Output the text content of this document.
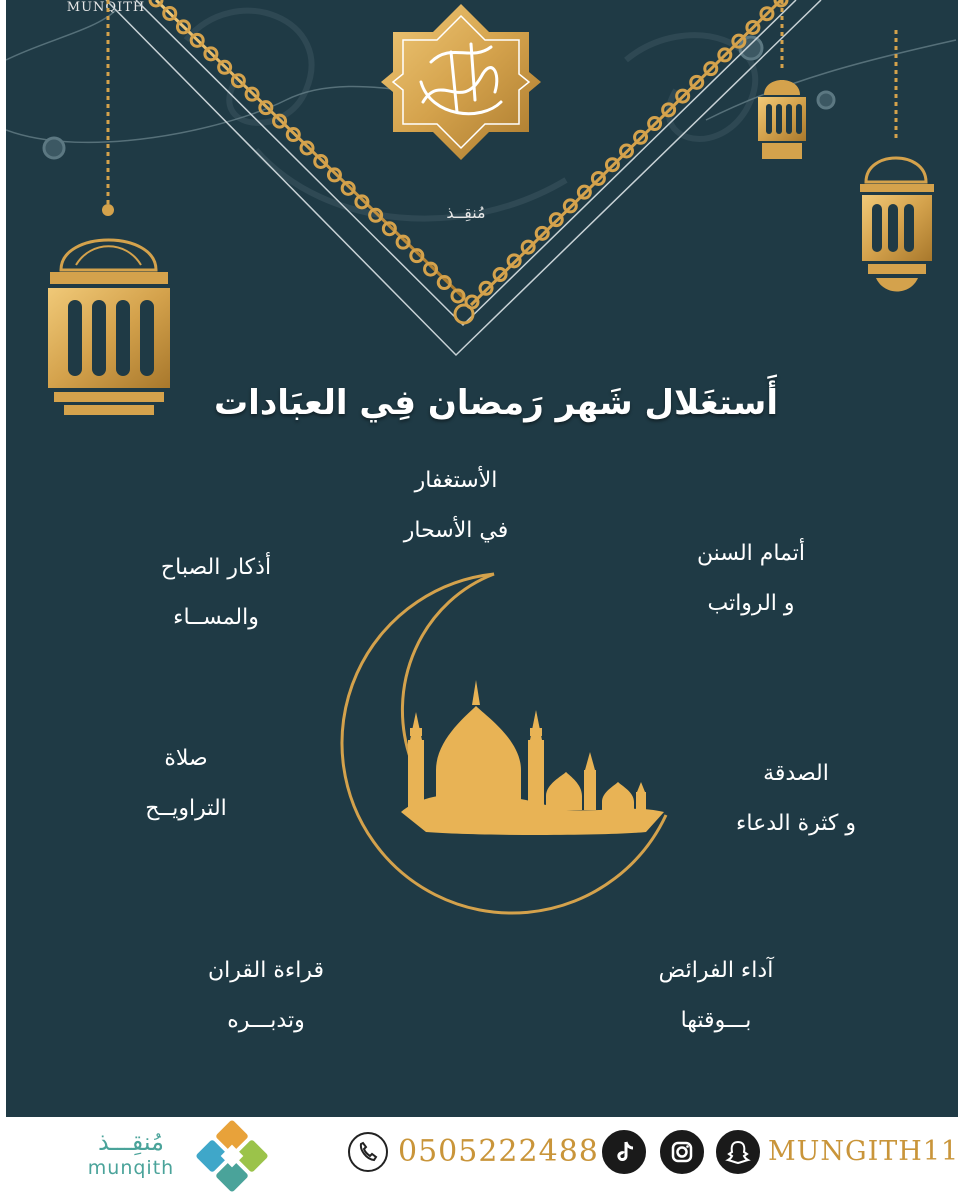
MUNQITH
مُنقِــذ
أَستغَلال شَهر رَمضان فِي العبَادات
الأستغفار
في الأسحار
أتمام السنن
و الرواتب
أذكار الصباح
والمســاء
صلاة
التراويــح
الصدقة
و كثرة الدعاء
قراءة القران
وتدبـــره
آداء الفرائض
بـــوقتها
مُنقِـــذ
munqith	0505222488	MUNGITH11
